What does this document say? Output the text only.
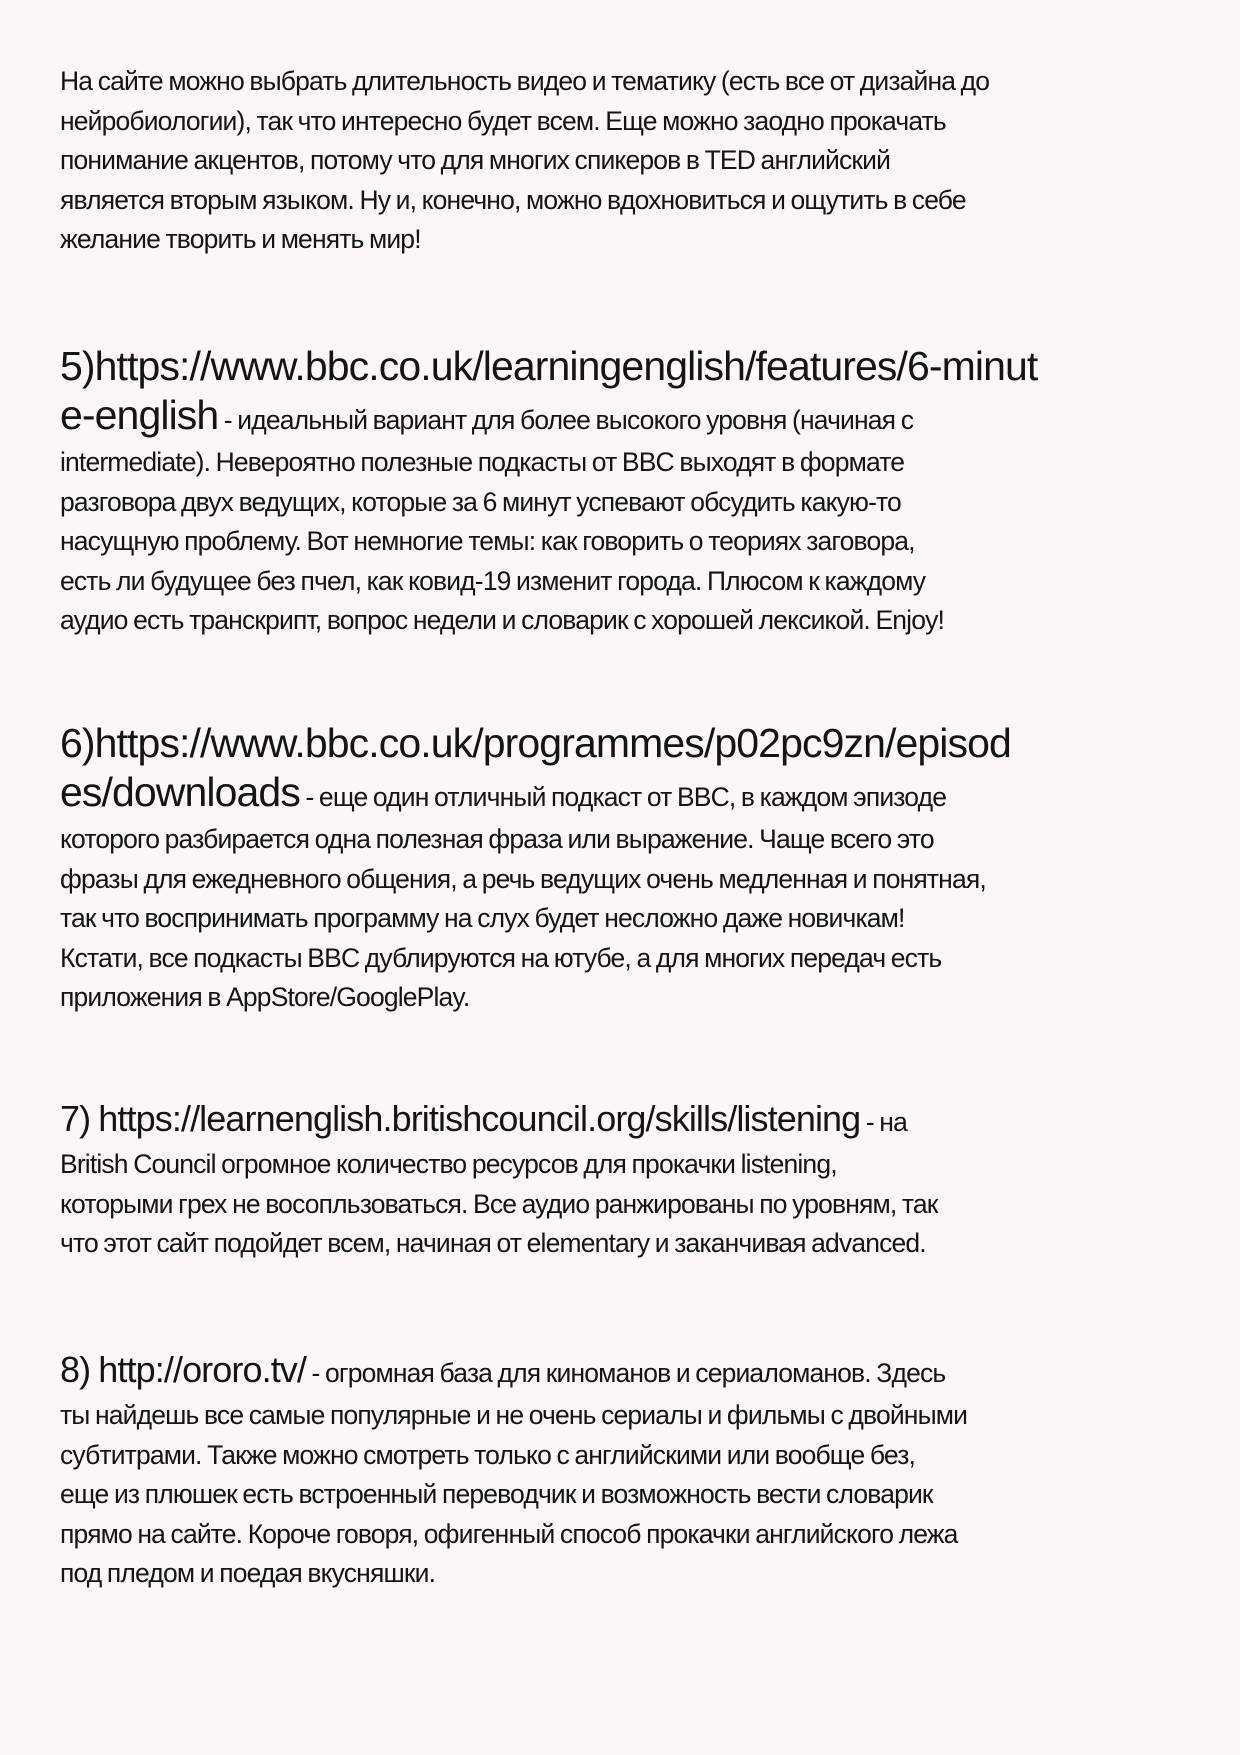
На сайте можно выбрать длительность видео и тематику (есть все от дизайна до
нейробиологии), так что интересно будет всем. Еще можно заодно прокачать
понимание акцентов, потому что для многих спикеров в TED английский
является вторым языком. Ну и, конечно, можно вдохновиться и ощутить в себе
желание творить и менять мир!

5)https://www.bbc.co.uk/learningenglish/features/6-minut
e-english - идеальный вариант для более высокого уровня (начиная с
intermediate). Невероятно полезные подкасты от BBC выходят в формате
разговора двух ведущих, которые за 6 минут успевают обсудить какую-то
насущную проблему. Вот немногие темы: как говорить о теориях заговора,
есть ли будущее без пчел, как ковид-19 изменит города. Плюсом к каждому
аудио есть транскрипт, вопрос недели и словарик с хорошей лексикой. Enjoy!
6)https://www.bbc.co.uk/programmes/p02pc9zn/episod
es/downloads - еще один отличный подкаст от BBC, в каждом эпизоде
которого разбирается одна полезная фраза или выражение. Чаще всего это
фразы для ежедневного общения, а речь ведущих очень медленная и понятная,
так что воспринимать программу на слух будет несложно даже новичкам!
Кстати, все подкасты BBC дублируются на ютубе, а для многих передач есть
приложения в AppStore/GooglePlay.
7) https://learnenglish.britishcouncil.org/skills/listening - на
British Council огромное количество ресурсов для прокачки listening,
которыми грех не восопльзоваться. Все аудио ранжированы по уровням, так
что этот сайт подойдет всем, начиная от elementary и заканчивая advanced.
8) http://ororo.tv/ - огромная база для киноманов и сериаломанов. Здесь
ты найдешь все самые популярные и не очень сериалы и фильмы с двойными
субтитрами. Также можно смотреть только с английскими или вообще без,
еще из плюшек есть встроенный переводчик и возможность вести словарик
прямо на сайте. Короче говоря, офигенный способ прокачки английского лежа
под пледом и поедая вкусняшки.
